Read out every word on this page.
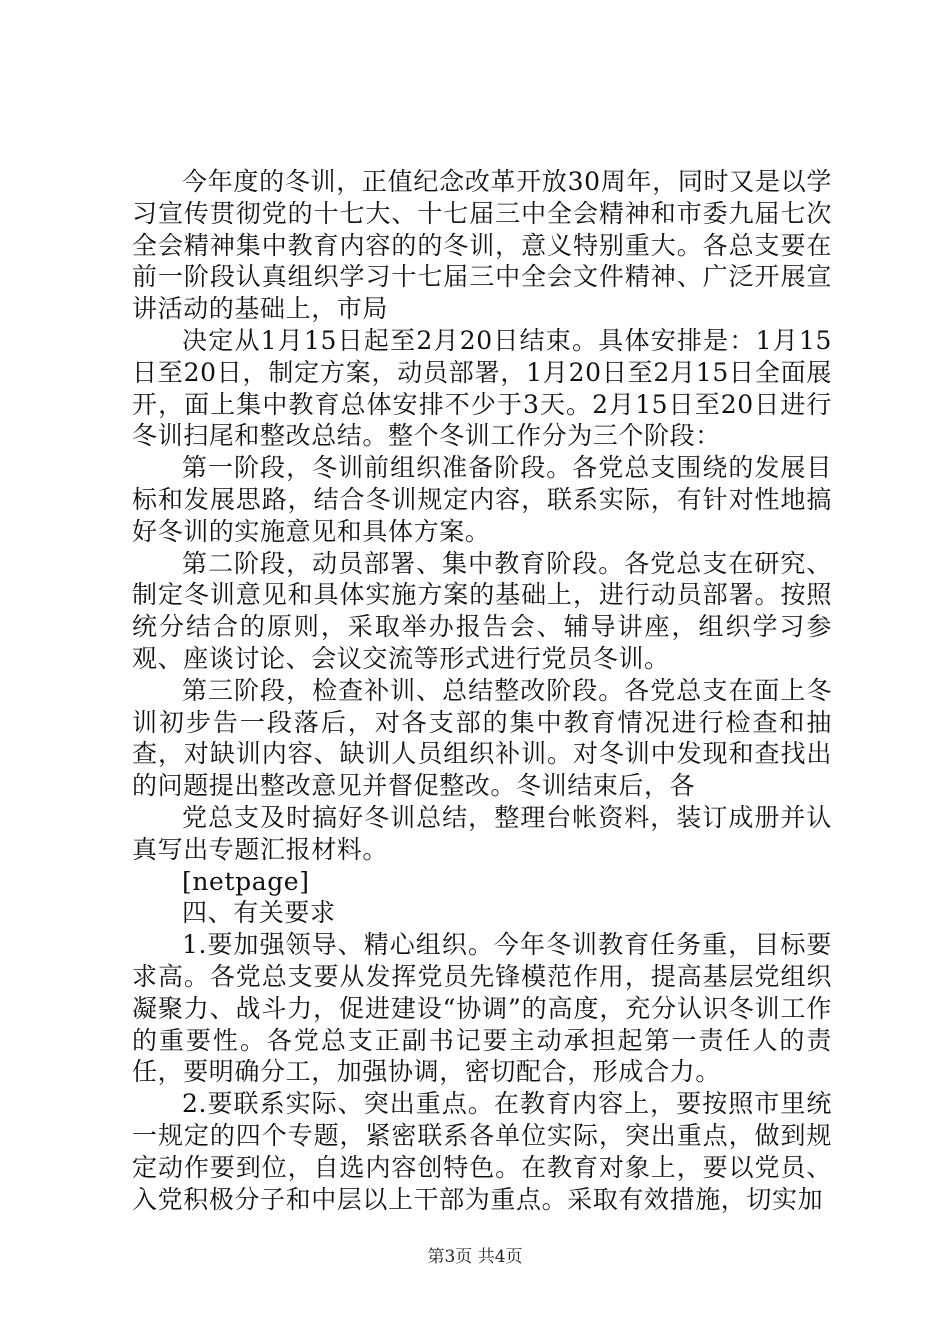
今年度的冬训，正值纪念改革开放30周年，同时又是以学习宣传贯彻党的十七大、十七届三中全会精神和市委九届七次全会精神集中教育内容的的冬训，意义特别重大。各总支要在前一阶段认真组织学习十七届三中全会文件精神、广泛开展宣讲活动的基础上，市局

决定从1月15日起至2月20日结束。具体安排是：1月15日至20日，制定方案，动员部署，1月20日至2月15日全面展开，面上集中教育总体安排不少于3天。2月15日至20日进行冬训扫尾和整改总结。整个冬训工作分为三个阶段：

第一阶段，冬训前组织准备阶段。各党总支围绕的发展目标和发展思路，结合冬训规定内容，联系实际，有针对性地搞好冬训的实施意见和具体方案。

第二阶段，动员部署、集中教育阶段。各党总支在研究、制定冬训意见和具体实施方案的基础上，进行动员部署。按照统分结合的原则，采取举办报告会、辅导讲座，组织学习参观、座谈讨论、会议交流等形式进行党员冬训。

第三阶段，检查补训、总结整改阶段。各党总支在面上冬训初步告一段落后，对各支部的集中教育情况进行检查和抽查，对缺训内容、缺训人员组织补训。对冬训中发现和查找出的问题提出整改意见并督促整改。冬训结束后，各

党总支及时搞好冬训总结，整理台帐资料，装订成册并认真写出专题汇报材料。

[netpage]

四、有关要求

1.要加强领导、精心组织。今年冬训教育任务重，目标要求高。各党总支要从发挥党员先锋模范作用，提高基层党组织凝聚力、战斗力，促进建设“协调”的高度，充分认识冬训工作的重要性。各党总支正副书记要主动承担起第一责任人的责任，要明确分工，加强协调，密切配合，形成合力。

2.要联系实际、突出重点。在教育内容上，要按照市里统一规定的四个专题，紧密联系各单位实际，突出重点，做到规定动作要到位，自选内容创特色。在教育对象上，要以党员、入党积极分子和中层以上干部为重点。采取有效措施，切实加

第3页 共4页
